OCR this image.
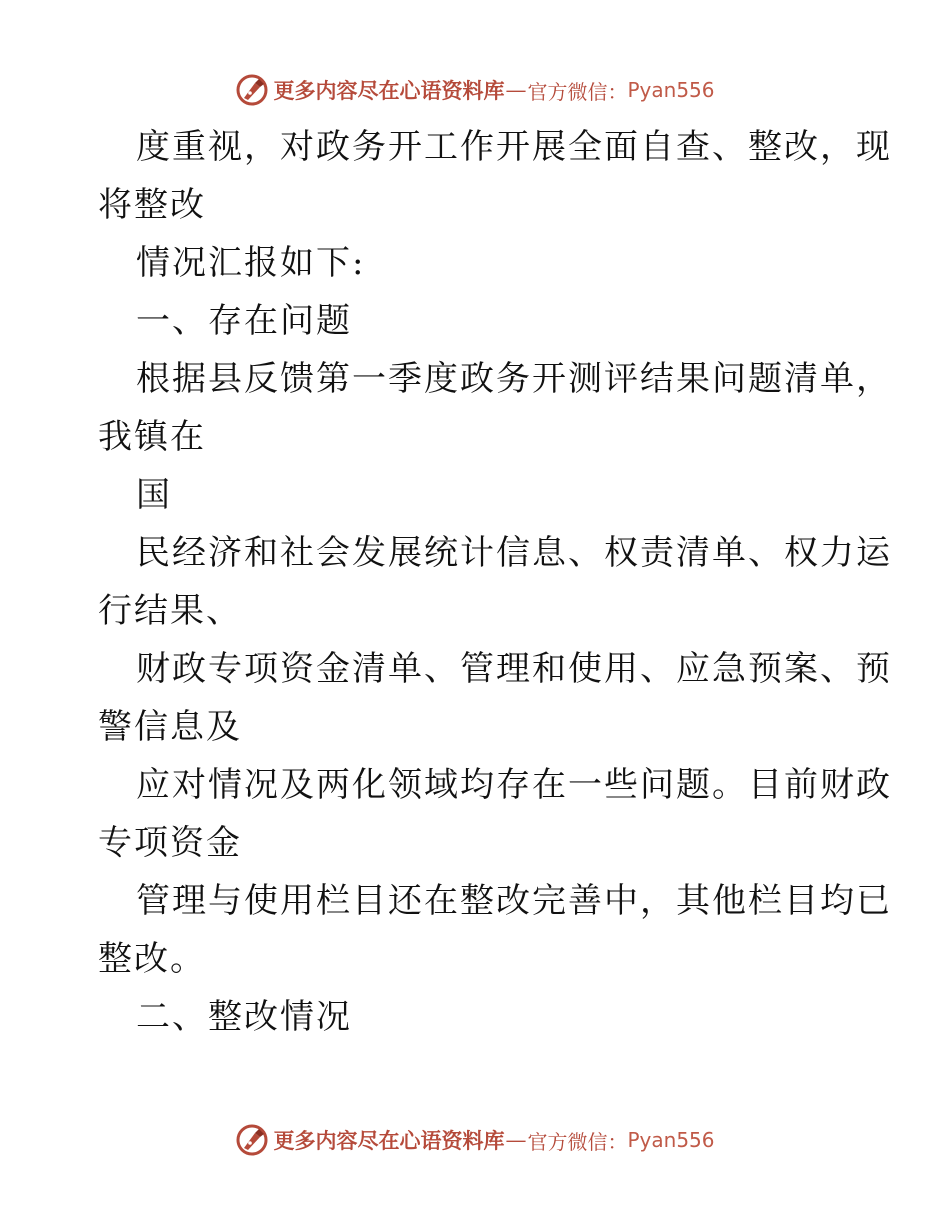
更多内容尽在心语资料库 — 官方微信： Pyan556
度重视，对政务开工作开展全面自查、整改，现
将整改
情况汇报如下:
一、存在问题
根据县反馈第一季度政务开测评结果问题清单，
我镇在
国
民经济和社会发展统计信息、权责清单、权力运
行结果、
财政专项资金清单、管理和使用、应急预案、预
警信息及
应对情况及两化领域均存在一些问题。目前财政
专项资金
管理与使用栏目还在整改完善中，其他栏目均已
整改。
二、整改情况
更多内容尽在心语资料库 — 官方微信： Pyan556
